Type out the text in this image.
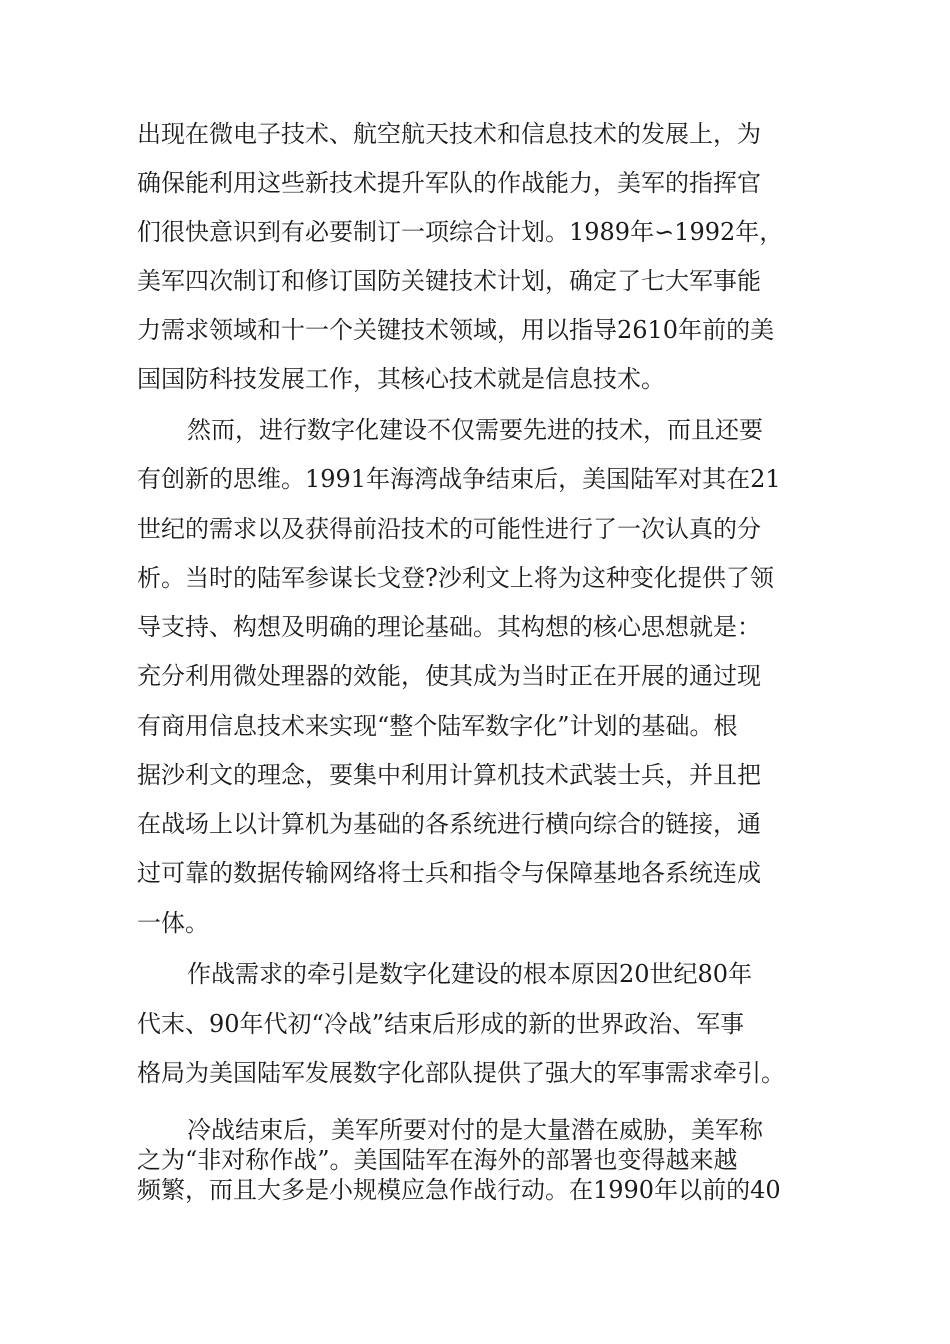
出现在微电子技术、航空航天技术和信息技术的发展上，为

确保能利用这些新技术提升军队的作战能力，美军的指挥官

们很快意识到有必要制订一项综合计划。1989年∽1992年，

美军四次制订和修订国防关键技术计划，确定了七大军事能

力需求领域和十一个关键技术领域，用以指导2610年前的美

国国防科技发展工作，其核心技术就是信息技术。

然而，进行数字化建设不仅需要先进的技术，而且还要

有创新的思维。1991年海湾战争结束后，美国陆军对其在21

世纪的需求以及获得前沿技术的可能性进行了一次认真的分

析。当时的陆军参谋长戈登?沙利文上将为这种变化提供了领

导支持、构想及明确的理论基础。其构想的核心思想就是：

充分利用微处理器的效能，使其成为当时正在开展的通过现

有商用信息技术来实现“整个陆军数字化”计划的基础。根

据沙利文的理念，要集中利用计算机技术武装士兵，并且把

在战场上以计算机为基础的各系统进行横向综合的链接，通

过可靠的数据传输网络将士兵和指令与保障基地各系统连成

一体。

作战需求的牵引是数字化建设的根本原因20世纪80年

代末、90年代初“冷战”结束后形成的新的世界政治、军事

格局为美国陆军发展数字化部队提供了强大的军事需求牵引。

冷战结束后，美军所要对付的是大量潜在威胁，美军称

之为“非对称作战”。美国陆军在海外的部署也变得越来越

频繁，而且大多是小规模应急作战行动。在1990年以前的40
